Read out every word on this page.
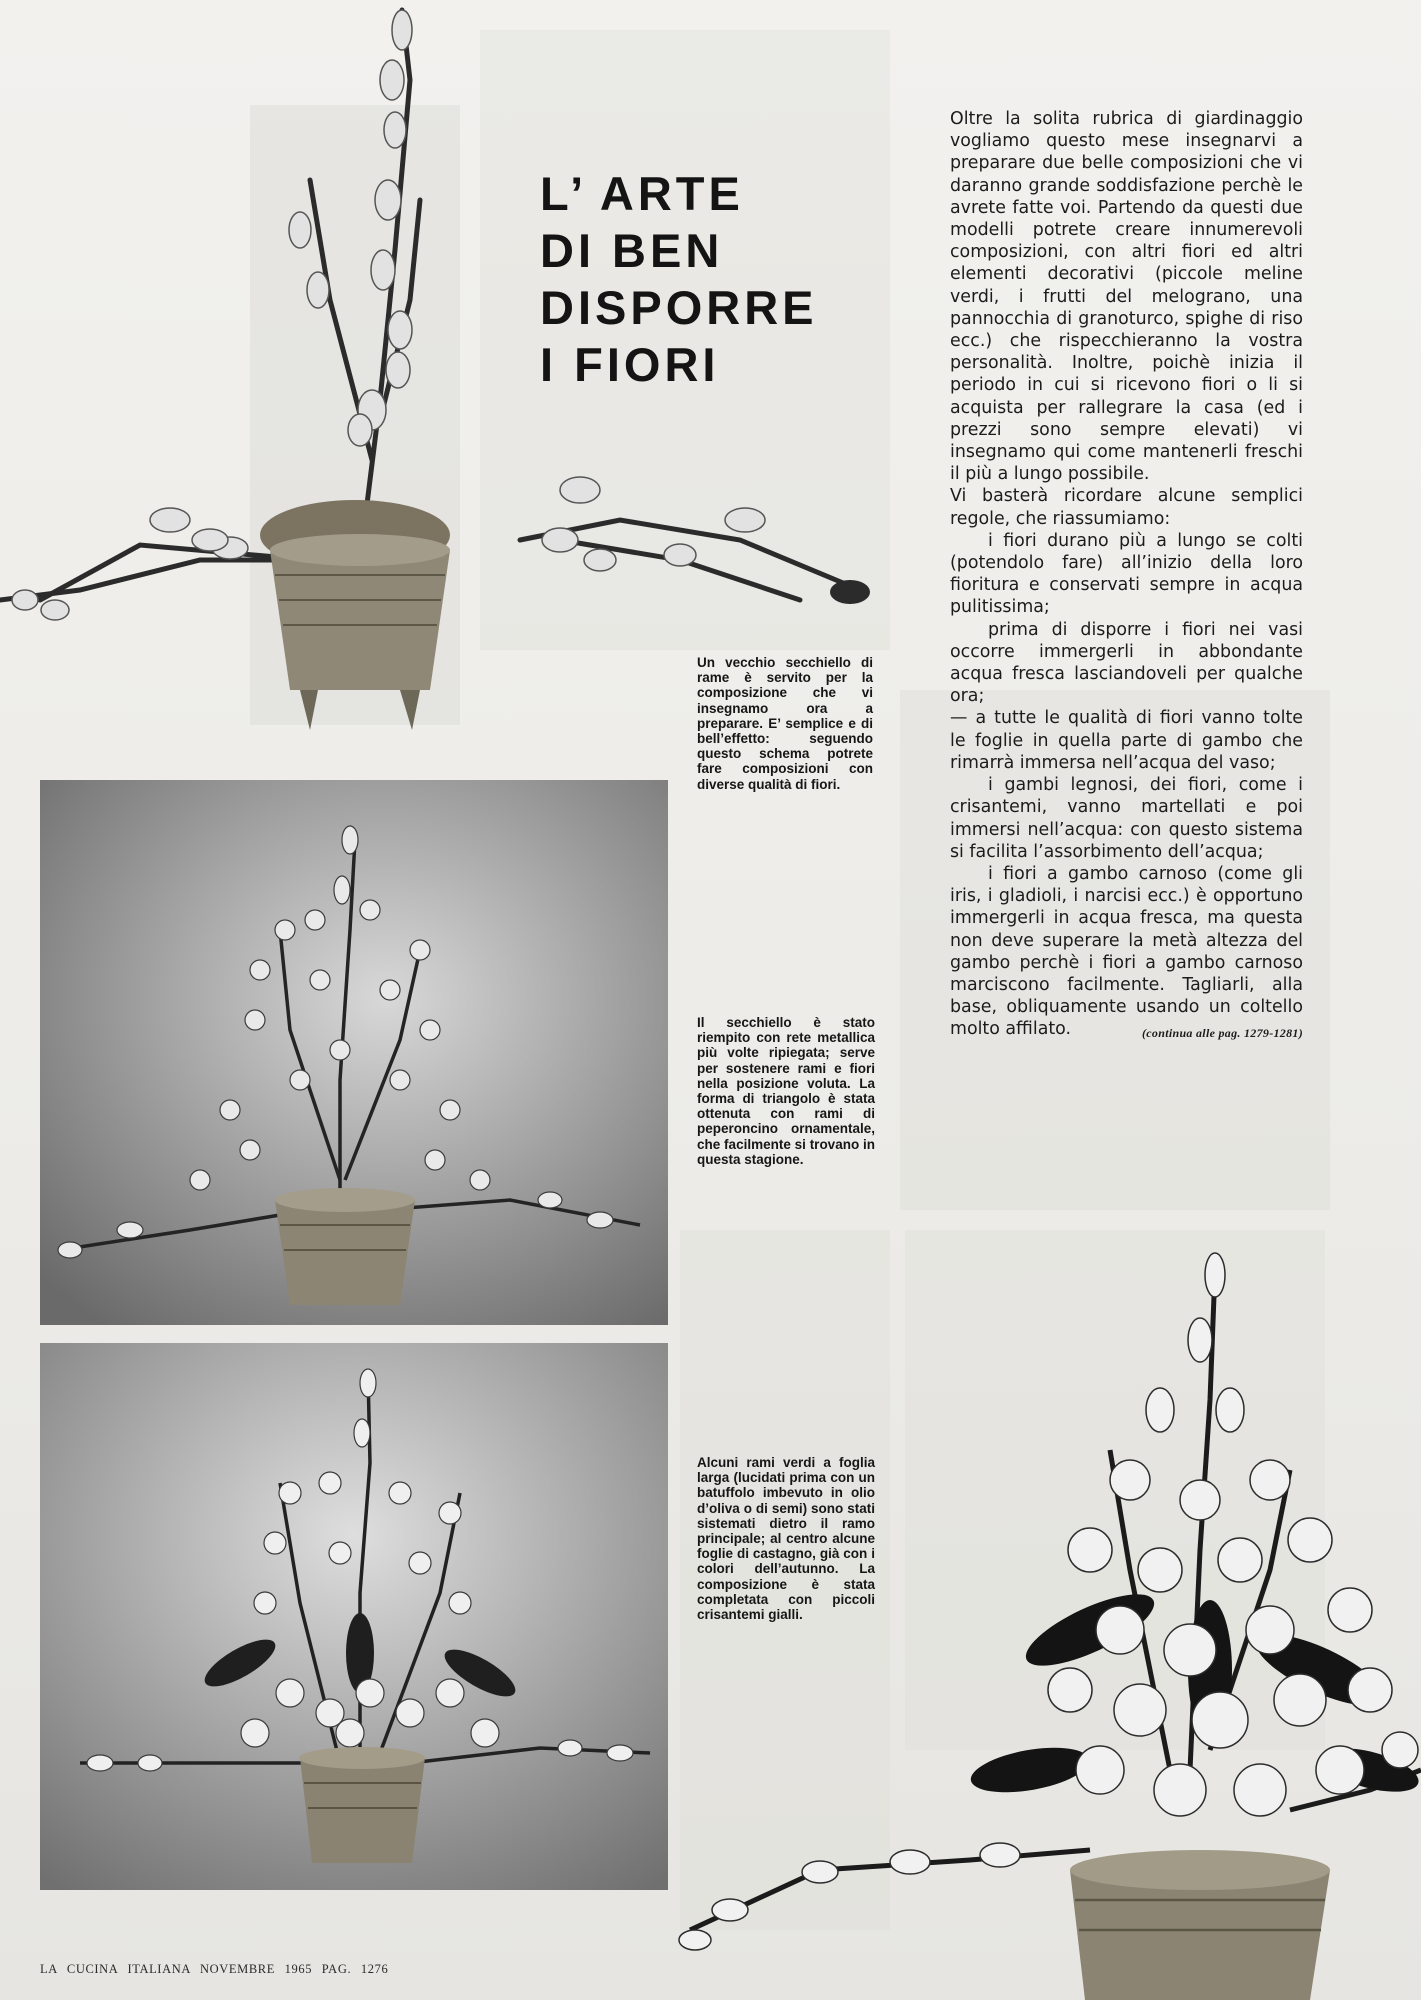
L’ ARTE
DI BEN
DISPORRE
I FIORI

Un vecchio secchiello di rame è servito per la composizione che vi insegnamo ora a preparare. E’ semplice e di bell’effetto: seguendo questo schema potrete fare composizioni con diverse qualità di fiori.

Il secchiello è stato riempito con rete metallica più volte ripiegata; serve per sostenere rami e fiori nella posizione voluta. La forma di triangolo è stata ottenuta con rami di peperoncino ornamentale, che facilmente si trovano in questa stagione.

Alcuni rami verdi a foglia larga (lucidati prima con un batuffolo imbevuto in olio d’oliva o di semi) sono stati sistemati dietro il ramo principale; al centro alcune foglie di castagno, già con i colori dell’autunno. La composizione è stata completata con piccoli crisantemi gialli.

Oltre la solita rubrica di giardinaggio vogliamo questo mese insegnarvi a preparare due belle composizioni che vi daranno grande soddisfazione perchè le avrete fatte voi. Partendo da questi due modelli potrete creare innumerevoli composizioni, con altri fiori ed altri elementi decorativi (piccole meline verdi, i frutti del melograno, una pannocchia di granoturco, spighe di riso ecc.) che rispecchieranno la vostra personalità. Inoltre, poichè inizia il periodo in cui si ricevono fiori o li si acquista per rallegrare la casa (ed i prezzi sono sempre elevati) vi insegnamo qui come mantenerli freschi il più a lungo possibile.

Vi basterà ricordare alcune semplici regole, che riassumiamo:

i fiori durano più a lungo se colti (potendolo fare) all’inizio della loro fioritura e conservati sempre in acqua pulitissima;

prima di disporre i fiori nei vasi occorre immergerli in abbondante acqua fresca lasciandoveli per qualche ora;

— a tutte le qualità di fiori vanno tolte le foglie in quella parte di gambo che rimarrà immersa nell’acqua del vaso;

i gambi legnosi, dei fiori, come i crisantemi, vanno martellati e poi immersi nell’acqua: con questo sistema si facilita l’assorbimento dell’acqua;

i fiori a gambo carnoso (come gli iris, i gladioli, i narcisi ecc.) è opportuno immergerli in acqua fresca, ma questa non deve superare la metà altezza del gambo perchè i fiori a gambo carnoso marciscono facilmente. Tagliarli, alla base, obliquamente usando un coltello molto affilato.	(continua alle pag. 1279-1281)

LA CUCINA ITALIANA NOVEMBRE 1965 PAG. 1276
